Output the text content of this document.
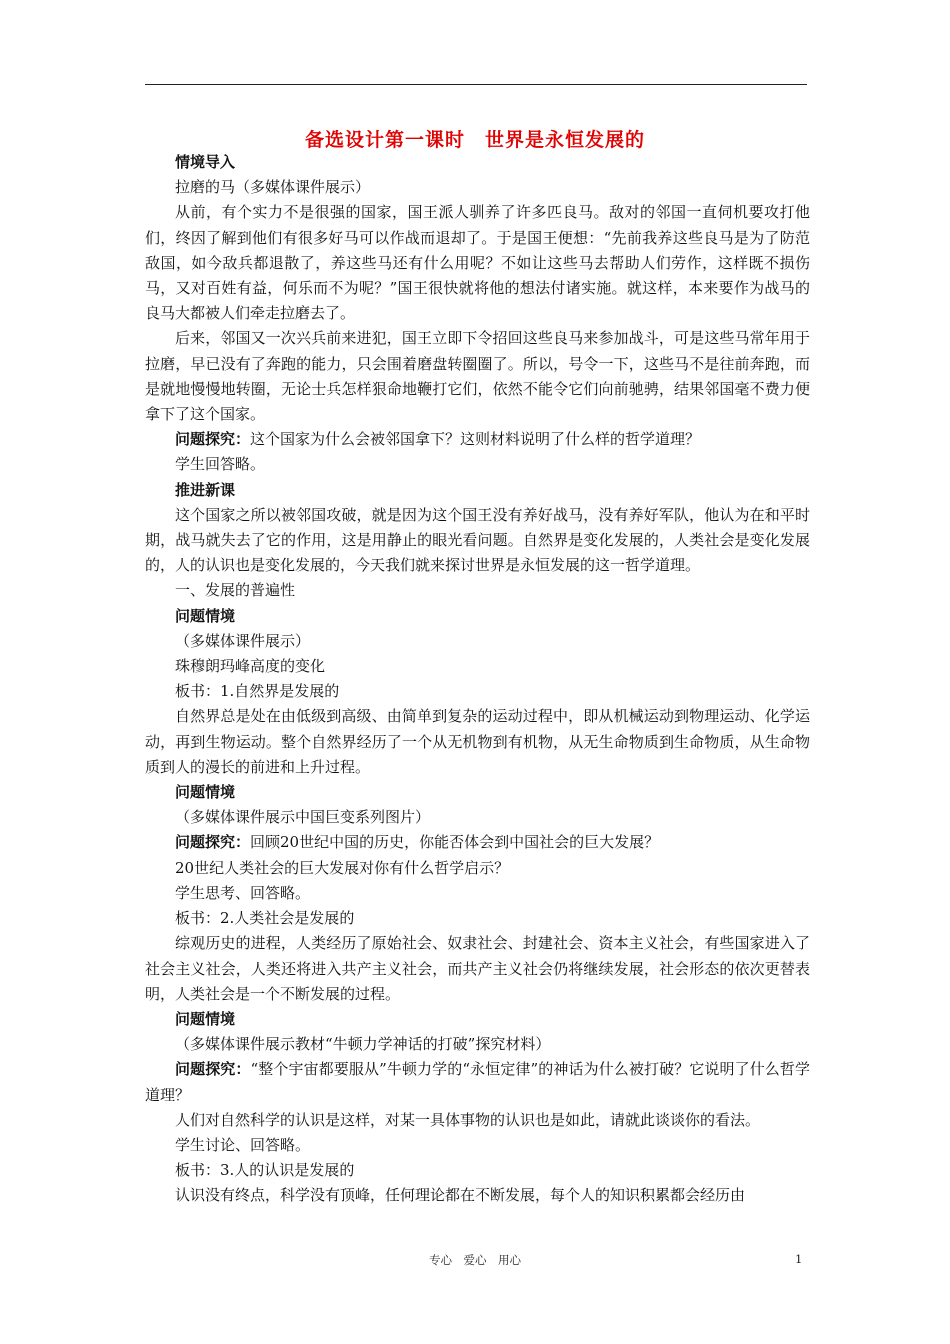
备选设计第一课时　世界是永恒发展的

情境导入

拉磨的马（多媒体课件展示）

从前，有个实力不是很强的国家，国王派人驯养了许多匹良马。敌对的邻国一直伺机要攻打他们，终因了解到他们有很多好马可以作战而退却了。于是国王便想：“先前我养这些良马是为了防范敌国，如今敌兵都退散了，养这些马还有什么用呢？不如让这些马去帮助人们劳作，这样既不损伤马，又对百姓有益，何乐而不为呢？”国王很快就将他的想法付诸实施。就这样，本来要作为战马的良马大都被人们牵走拉磨去了。

后来，邻国又一次兴兵前来进犯，国王立即下令招回这些良马来参加战斗，可是这些马常年用于拉磨，早已没有了奔跑的能力，只会围着磨盘转圈圈了。所以，号令一下，这些马不是往前奔跑，而是就地慢慢地转圈，无论士兵怎样狠命地鞭打它们，依然不能令它们向前驰骋，结果邻国毫不费力便拿下了这个国家。

问题探究：这个国家为什么会被邻国拿下？这则材料说明了什么样的哲学道理？

学生回答略。

推进新课

这个国家之所以被邻国攻破，就是因为这个国王没有养好战马，没有养好军队，他认为在和平时期，战马就失去了它的作用，这是用静止的眼光看问题。自然界是变化发展的，人类社会是变化发展的，人的认识也是变化发展的，今天我们就来探讨世界是永恒发展的这一哲学道理。

一、发展的普遍性

问题情境

（多媒体课件展示）

珠穆朗玛峰高度的变化

板书：1.自然界是发展的

自然界总是处在由低级到高级、由简单到复杂的运动过程中，即从机械运动到物理运动、化学运动，再到生物运动。整个自然界经历了一个从无机物到有机物，从无生命物质到生命物质，从生命物质到人的漫长的前进和上升过程。

问题情境

（多媒体课件展示中国巨变系列图片）

问题探究：回顾20世纪中国的历史，你能否体会到中国社会的巨大发展？

20世纪人类社会的巨大发展对你有什么哲学启示？

学生思考、回答略。

板书：2.人类社会是发展的

综观历史的进程，人类经历了原始社会、奴隶社会、封建社会、资本主义社会，有些国家进入了社会主义社会，人类还将进入共产主义社会，而共产主义社会仍将继续发展，社会形态的依次更替表明，人类社会是一个不断发展的过程。

问题情境

（多媒体课件展示教材“牛顿力学神话的打破”探究材料）

问题探究：“整个宇宙都要服从”牛顿力学的“永恒定律”的神话为什么被打破？它说明了什么哲学道理？

人们对自然科学的认识是这样，对某一具体事物的认识也是如此，请就此谈谈你的看法。

学生讨论、回答略。

板书：3.人的认识是发展的

认识没有终点，科学没有顶峰，任何理论都在不断发展，每个人的知识积累都会经历由

专心　爱心　用心	1
